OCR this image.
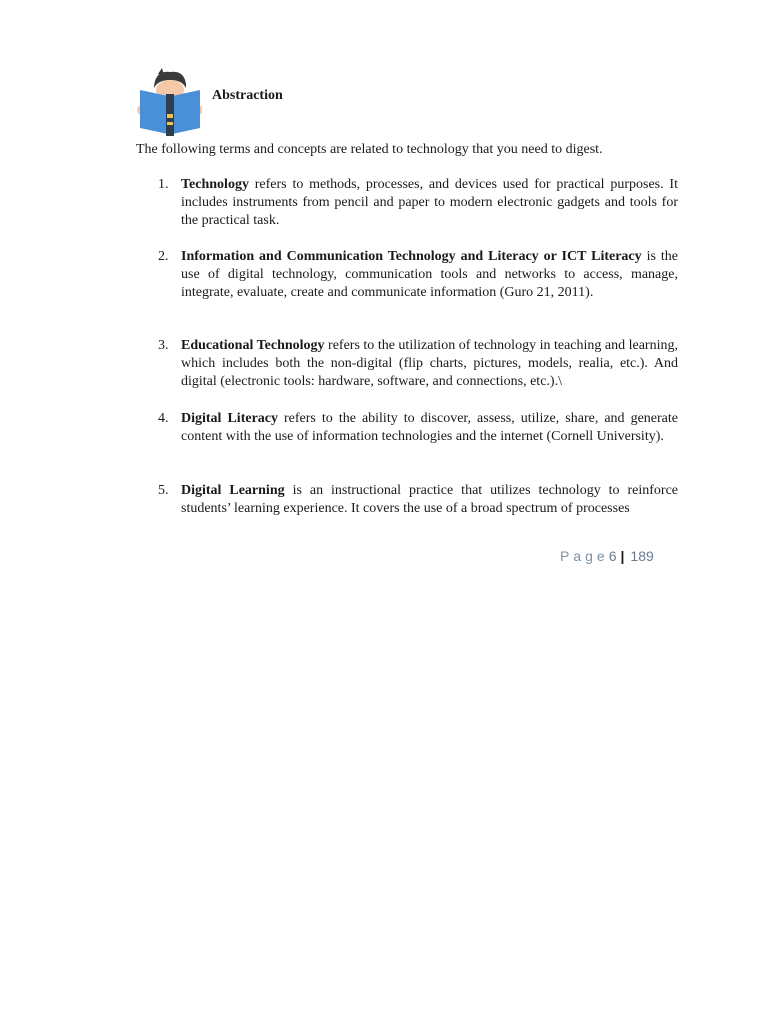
Abstraction
The following terms and concepts are related to technology that you need to digest.
1. Technology refers to methods, processes, and devices used for practical purposes. It includes instruments from pencil and paper to modern electronic gadgets and tools for the practical task.
2. Information and Communication Technology and Literacy or ICT Literacy is the use of digital technology, communication tools and networks to access, manage, integrate, evaluate, create and communicate information (Guro 21, 2011).
3. Educational Technology refers to the utilization of technology in teaching and learning, which includes both the non-digital (flip charts, pictures, models, realia, etc.). And digital (electronic tools: hardware, software, and connections, etc.).\
4. Digital Literacy refers to the ability to discover, assess, utilize, share, and generate content with the use of information technologies and the internet (Cornell University).
5. Digital Learning is an instructional practice that utilizes technology to reinforce students’ learning experience. It covers the use of a broad spectrum of processes
Page6 | 189
